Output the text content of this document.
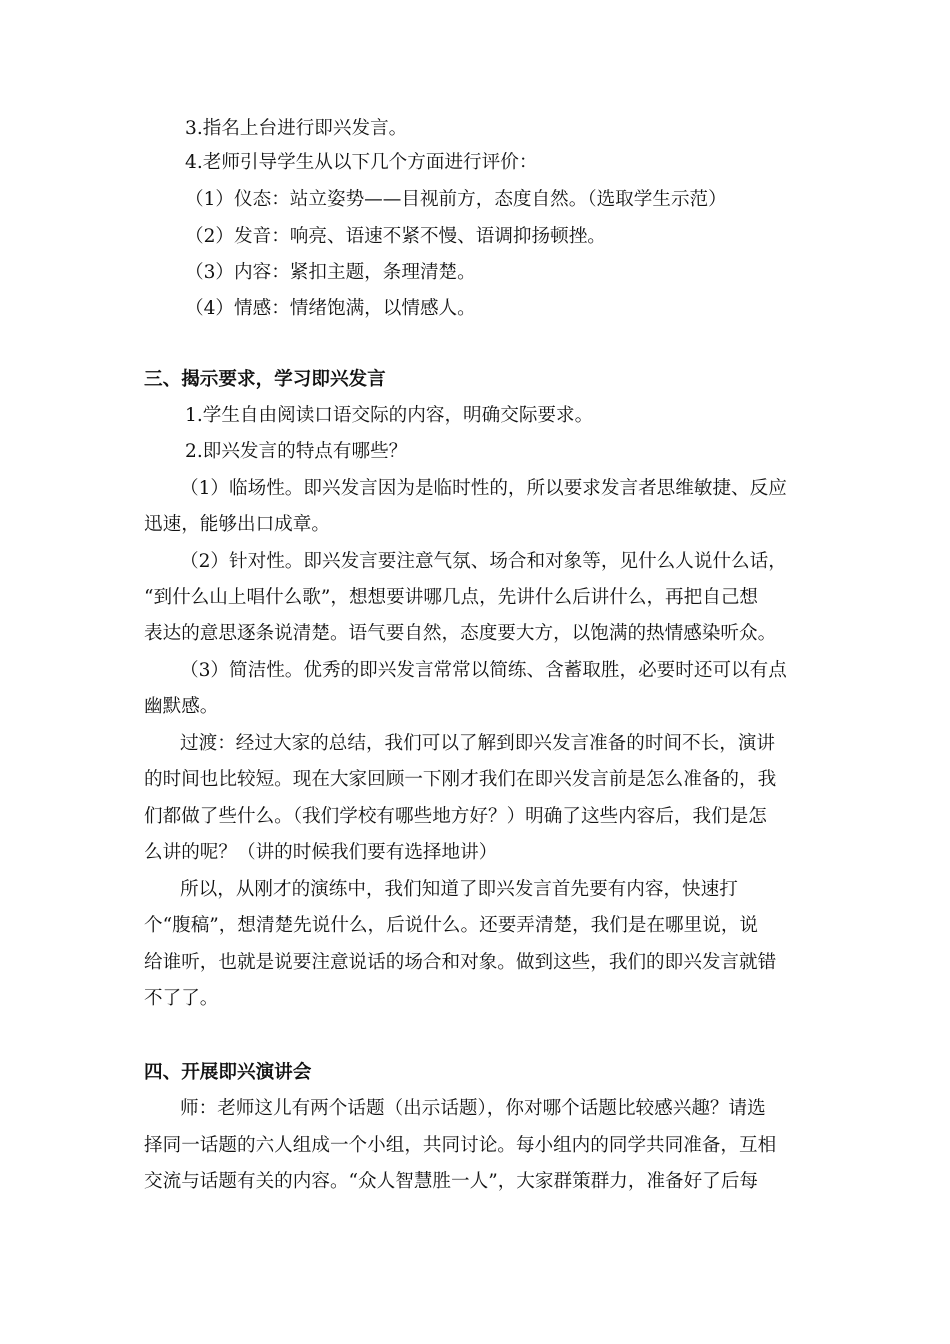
3.指名上台进行即兴发言。
4.老师引导学生从以下几个方面进行评价：
（1）仪态：站立姿势——目视前方，态度自然。（选取学生示范）
（2）发音：响亮、语速不紧不慢、语调抑扬顿挫。
（3）内容：紧扣主题，条理清楚。
（4）情感：情绪饱满，以情感人。
三、揭示要求，学习即兴发言
1.学生自由阅读口语交际的内容，明确交际要求。
2.即兴发言的特点有哪些？
（1）临场性。即兴发言因为是临时性的，所以要求发言者思维敏捷、反应
迅速，能够出口成章。
（2）针对性。即兴发言要注意气氛、场合和对象等，见什么人说什么话，
“到什么山上唱什么歌”，想想要讲哪几点，先讲什么后讲什么，再把自己想
表达的意思逐条说清楚。语气要自然，态度要大方，以饱满的热情感染听众。
（3）简洁性。优秀的即兴发言常常以简练、含蓄取胜，必要时还可以有点
幽默感。
过渡：经过大家的总结，我们可以了解到即兴发言准备的时间不长，演讲
的时间也比较短。现在大家回顾一下刚才我们在即兴发言前是怎么准备的，我
们都做了些什么。（我们学校有哪些地方好？）明确了这些内容后，我们是怎
么讲的呢？（讲的时候我们要有选择地讲）
所以，从刚才的演练中，我们知道了即兴发言首先要有内容，快速打
个“腹稿”，想清楚先说什么，后说什么。还要弄清楚，我们是在哪里说，说
给谁听，也就是说要注意说话的场合和对象。做到这些，我们的即兴发言就错
不了了。
四、开展即兴演讲会
师：老师这儿有两个话题（出示话题），你对哪个话题比较感兴趣？请选
择同一话题的六人组成一个小组，共同讨论。每小组内的同学共同准备，互相
交流与话题有关的内容。“众人智慧胜一人”，大家群策群力，准备好了后每
